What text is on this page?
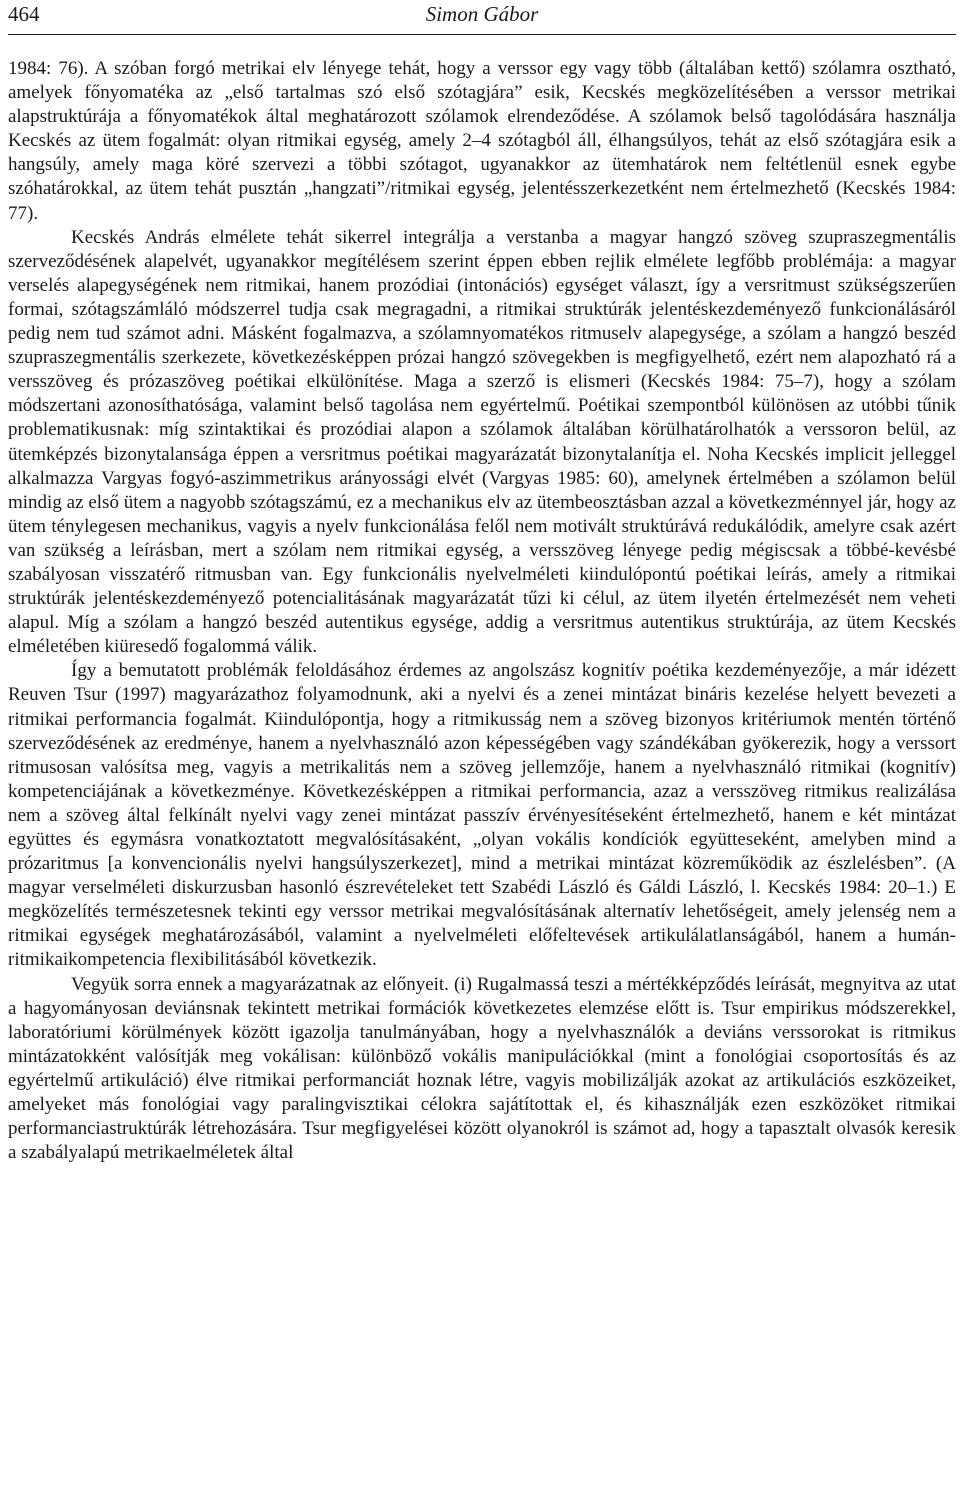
464	Simon Gábor

1984: 76). A szóban forgó metrikai elv lényege tehát, hogy a verssor egy vagy több (általában kettő) szólamra osztható, amelyek főnyomatéka az „első tartalmas szó első szótagjára” esik, Kecskés megközelítésében a verssor metrikai alapstruktúrája a főnyomatékok által meghatározott szólamok elrendeződése. A szólamok belső tagolódására használja Kecskés az ütem fogalmát: olyan ritmikai egység, amely 2–4 szótagból áll, élhangsúlyos, tehát az első szótagjára esik a hangsúly, amely maga köré szervezi a többi szótagot, ugyanakkor az ütemhatárok nem feltétlenül esnek egybe szóhatárokkal, az ütem tehát pusztán „hangzati”/ritmikai egység, jelentésszerkezetként nem értelmezhető (Kecskés 1984: 77).

Kecskés András elmélete tehát sikerrel integrálja a verstanba a magyar hangzó szöveg szupraszegmentális szerveződésének alapelvét, ugyanakkor megítélésem szerint éppen ebben rejlik elmélete legfőbb problémája: a magyar verselés alapegységének nem ritmikai, hanem prozódiai (intonációs) egységet választ, így a versritmust szükségszerűen formai, szótagszámláló módszerrel tudja csak megragadni, a ritmikai struktúrák jelentéskezdeményező funkcionálásáról pedig nem tud számot adni. Másként fogalmazva, a szólamnyomatékos ritmuselv alapegysége, a szólam a hangzó beszéd szupraszegmentális szerkezete, következésképpen prózai hangzó szövegekben is megfigyelhető, ezért nem alapozható rá a versszöveg és prózaszöveg poétikai elkülönítése. Maga a szerző is elismeri (Kecskés 1984: 75–7), hogy a szólam módszertani azonosíthatósága, valamint belső tagolása nem egyértelmű. Poétikai szempontból különösen az utóbbi tűnik problematikusnak: míg szintaktikai és prozódiai alapon a szólamok általában körülhatárolhatók a verssoron belül, az ütemképzés bizonytalansága éppen a versritmus poétikai magyarázatát bizonytalanítja el. Noha Kecskés implicit jelleggel alkalmazza Vargyas fogyó-aszimmetrikus arányossági elvét (Vargyas 1985: 60), amelynek értelmében a szólamon belül mindig az első ütem a nagyobb szótagszámú, ez a mechanikus elv az ütembeosztásban azzal a következménnyel jár, hogy az ütem ténylegesen mechanikus, vagyis a nyelv funkcionálása felől nem motivált struktúrává redukálódik, amelyre csak azért van szükség a leírásban, mert a szólam nem ritmikai egység, a versszöveg lényege pedig mégiscsak a többé-kevésbé szabályosan visszatérő ritmusban van. Egy funkcionális nyelvelméleti kiindulópontú poétikai leírás, amely a ritmikai struktúrák jelentéskezdeményező potencialitásának magyarázatát tűzi ki célul, az ütem ilyetén értelmezését nem veheti alapul. Míg a szólam a hangzó beszéd autentikus egysége, addig a versritmus autentikus struktúrája, az ütem Kecskés elméletében kiüresedő fogalommá válik.

Így a bemutatott problémák feloldásához érdemes az angolszász kognitív poétika kezdeményezője, a már idézett Reuven Tsur (1997) magyarázathoz folyamodnunk, aki a nyelvi és a zenei mintázat bináris kezelése helyett bevezeti a ritmikai performancia fogalmát. Kiindulópontja, hogy a ritmikusság nem a szöveg bizonyos kritériumok mentén történő szerveződésének az eredménye, hanem a nyelvhasználó azon képességében vagy szándékában gyökerezik, hogy a verssort ritmusosan valósítsa meg, vagyis a metrikalitás nem a szöveg jellemzője, hanem a nyelvhasználó ritmikai (kognitív) kompetenciájának a következménye. Következésképpen a ritmikai performancia, azaz a versszöveg ritmikus realizálása nem a szöveg által felkínált nyelvi vagy zenei mintázat passzív érvényesítéseként értelmezhető, hanem e két mintázat együttes és egymásra vonatkoztatott megvalósításaként, „olyan vokális kondíciók együtteseként, amelyben mind a prózaritmus [a konvencionális nyelvi hangsúlyszerkezet], mind a metrikai mintázat közreműködik az észlelésben”. (A magyar verselméleti diskurzusban hasonló észrevételeket tett Szabédi László és Gáldi László, l. Kecskés 1984: 20–1.) E megközelítés természetesnek tekinti egy verssor metrikai megvalósításának alternatív lehetőségeit, amely jelenség nem a ritmikai egységek meghatározásából, valamint a nyelvelméleti előfeltevések artikulálatlanságából, hanem a humán-ritmikaikompetencia flexibilitásából következik.

Vegyük sorra ennek a magyarázatnak az előnyeit. (i) Rugalmassá teszi a mértékképződés leírását, megnyitva az utat a hagyományosan deviánsnak tekintett metrikai formációk következetes elemzése előtt is. Tsur empirikus módszerekkel, laboratóriumi körülmények között igazolja tanulmányában, hogy a nyelvhasználók a deviáns verssorokat is ritmikus mintázatokként valósítják meg vokálisan: különböző vokális manipulációkkal (mint a fonológiai csoportosítás és az egyértelmű artikuláció) élve ritmikai performanciát hoznak létre, vagyis mobilizálják azokat az artikulációs eszközeiket, amelyeket más fonológiai vagy paralingvisztikai célokra sajátítottak el, és kihasználják ezen eszközöket ritmikai performanciastruktúrák létrehozására. Tsur megfigyelései között olyanokról is számot ad, hogy a tapasztalt olvasók keresik a szabályalapú metrikaelméletek által
